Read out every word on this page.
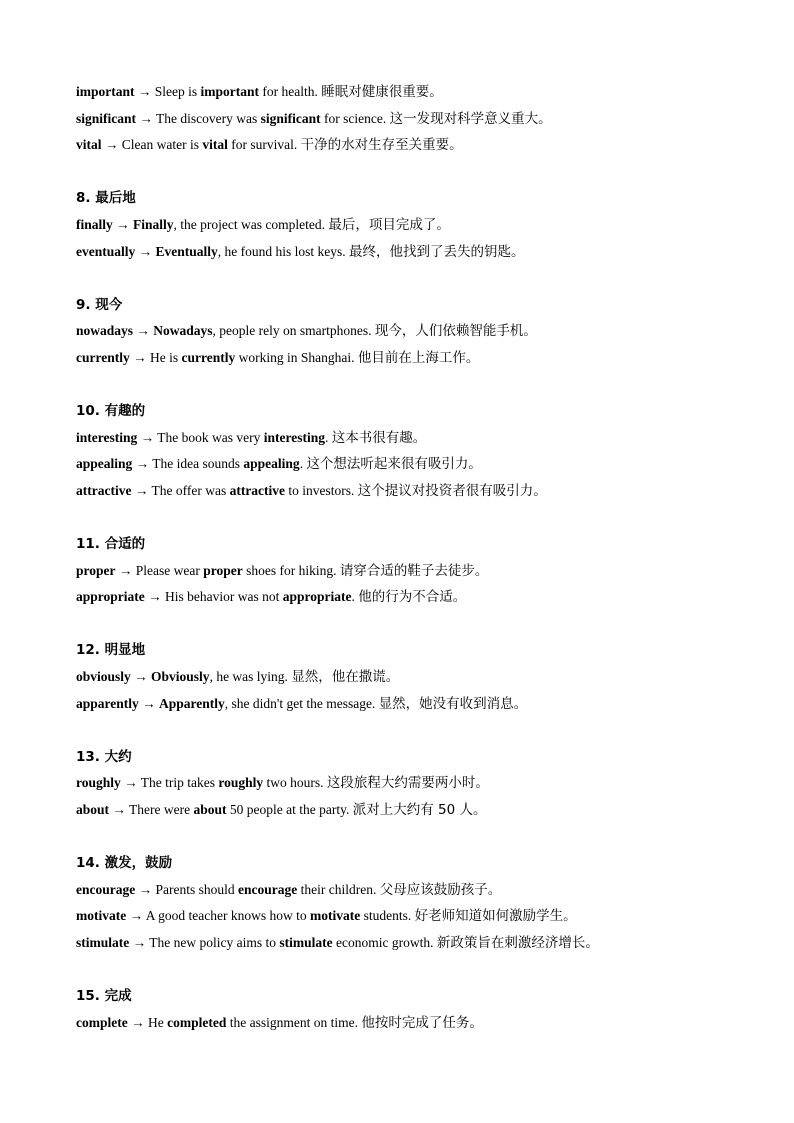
important → Sleep is important for health. 睡眠对健康很重要。
significant → The discovery was significant for science. 这一发现对科学意义重大。
vital → Clean water is vital for survival. 干净的水对生存至关重要。
8. 最后地
finally → Finally, the project was completed. 最后，项目完成了。
eventually → Eventually, he found his lost keys. 最终，他找到了丢失的钥匙。
9. 现今
nowadays → Nowadays, people rely on smartphones. 现今，人们依赖智能手机。
currently → He is currently working in Shanghai. 他目前在上海工作。
10. 有趣的
interesting → The book was very interesting. 这本书很有趣。
appealing → The idea sounds appealing. 这个想法听起来很有吸引力。
attractive → The offer was attractive to investors. 这个提议对投资者很有吸引力。
11. 合适的
proper → Please wear proper shoes for hiking. 请穿合适的鞋子去徒步。
appropriate → His behavior was not appropriate. 他的行为不合适。
12. 明显地
obviously → Obviously, he was lying. 显然，他在撒谎。
apparently → Apparently, she didn't get the message. 显然，她没有收到消息。
13. 大约
roughly → The trip takes roughly two hours. 这段旅程大约需要两小时。
about → There were about 50 people at the party. 派对上大约有 50 人。
14. 激发，鼓励
encourage → Parents should encourage their children. 父母应该鼓励孩子。
motivate → A good teacher knows how to motivate students. 好老师知道如何激励学生。
stimulate → The new policy aims to stimulate economic growth. 新政策旨在刺激经济增长。
15. 完成
complete → He completed the assignment on time. 他按时完成了任务。
